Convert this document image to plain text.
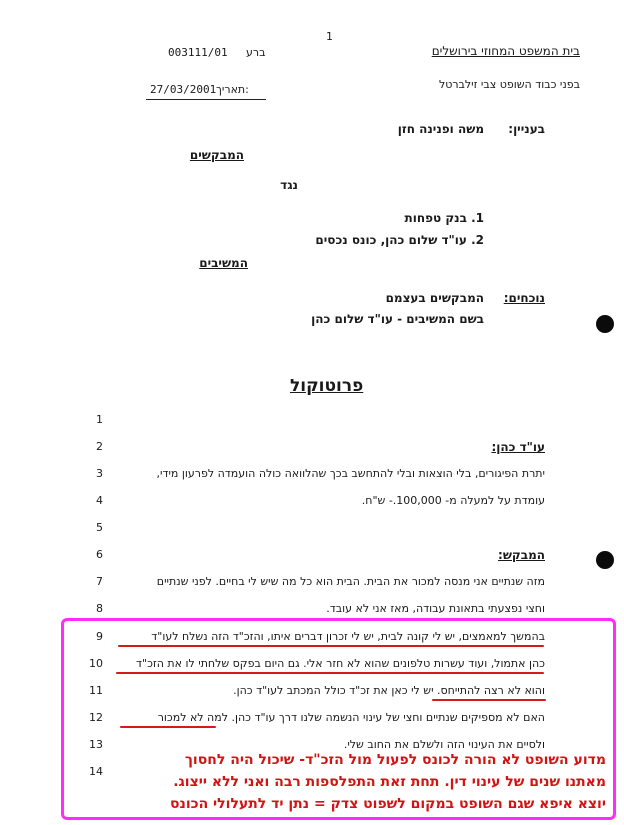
1
בית המשפט המחוזי בירושלים
בפני כבוד השופט צבי זילברטל
ברע
003111/01
תאריך:
27/03/2001
בעניין:
משה ופנינה חזן
המבקשים
נגד
1. בנק טפחות
2. עו"ד שלום כהן, כונס נכסים
המשיבים
נוכחים:
המבקשים בעצמם
בשם המשיבים - עו"ד שלום כהן
פרוטוקול
1
2
3
4
5
6
7
8
9
10
11
12
13
14
עו"ד כהן:
יתרת הפיגורים, בלי הוצאות ובלי להתחשב בכך שהלוואה כולה הועמדה לפרעון מידי,
עומדת על למעלה מ- 100,000.- ש"ח.
המבקש:
מזה שנתיים אני מנסה למכור את הבית. הבית הוא כל מה שיש לי בחיים. לפני שנתיים
וחצי נפצעתי בתאונת עבודה, מאז אני לא עובד.
בהמשך למאמצים, יש לי קונה לבית, יש לי זכרון דברים איתו, והזכ"ד הזה נשלח לעו"ד
כהן אתמול, ועוד עשרות טלפונים שהוא לא חזר אלי. גם היום בפקס שלחתי לו את הזכ"ד
והוא לא רצה להתייחס. יש לי כאן את זכ"ד כולל המכתב לעו"ד כהן.
האם לא מספיקים שנתיים וחצי של עינוי הנשמה שלנו דרך עו"ד כהן. למה לא למכור
ולסיים את העינוי הזה ולשלם את החוב שלי.
מדוע השופט לא הורה לכונס לפעול מול הזכ"ד- שיכול היה לחסוך
מאתנו שנים של עינוי דין. תחת זאת התפלספות רבה ואני ללא ייצוג.
יוצא איפא שגם השופט במקום לשפוט צדק = נתן יד לתעלולי הכונס
